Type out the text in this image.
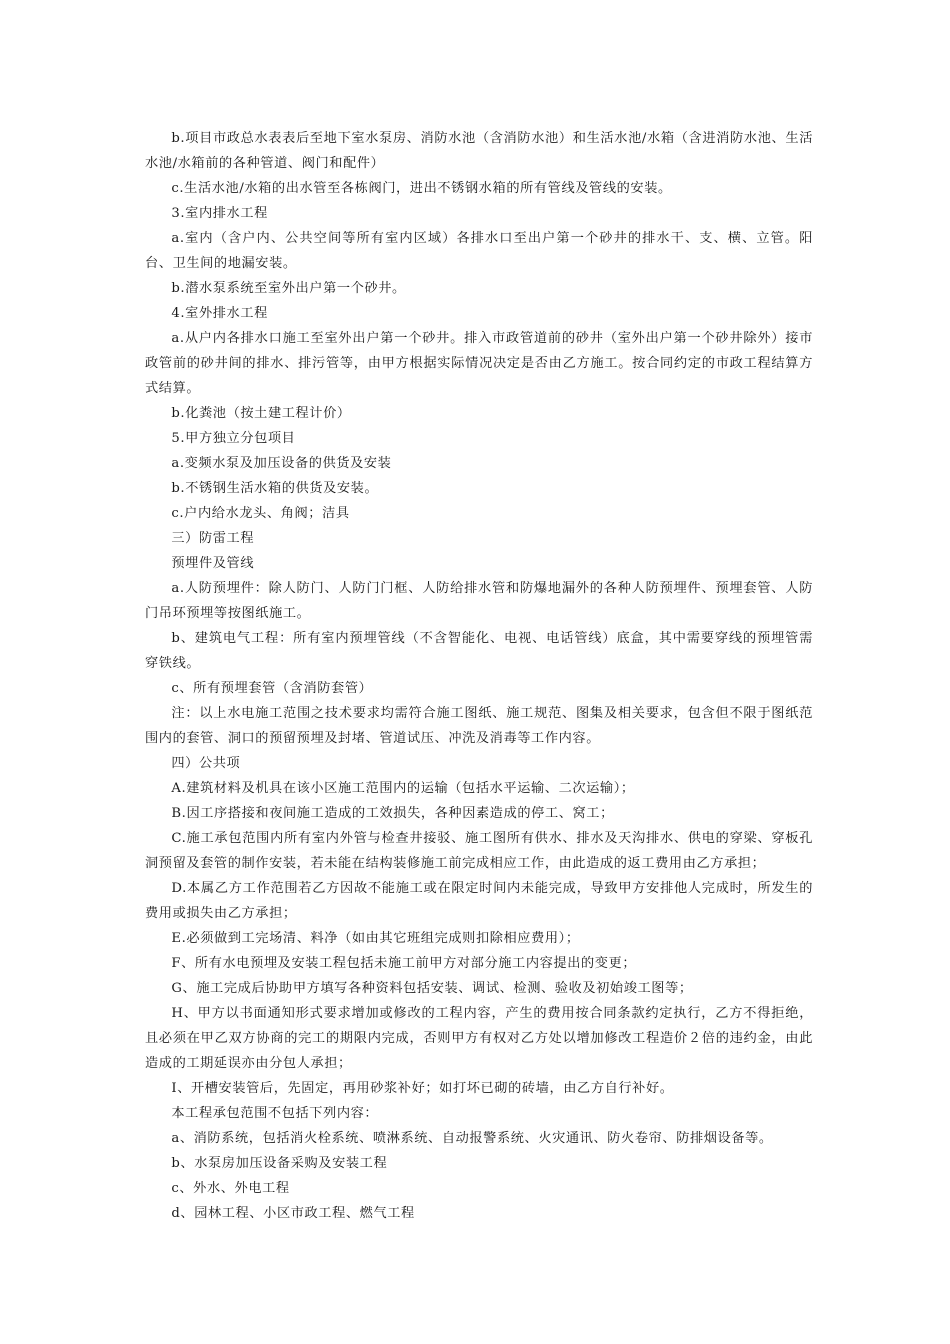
b.项目市政总水表表后至地下室水泵房、消防水池（含消防水池）和生活水池/水箱（含进消防水池、生活水池/水箱前的各种管道、阀门和配件）

c.生活水池/水箱的出水管至各栋阀门，进出不锈钢水箱的所有管线及管线的安装。

3.室内排水工程

a.室内（含户内、公共空间等所有室内区域）各排水口至出户第一个砂井的排水干、支、横、立管。阳台、卫生间的地漏安装。

b.潜水泵系统至室外出户第一个砂井。

4.室外排水工程

a.从户内各排水口施工至室外出户第一个砂井。排入市政管道前的砂井（室外出户第一个砂井除外）接市政管前的砂井间的排水、排污管等，由甲方根据实际情况决定是否由乙方施工。按合同约定的市政工程结算方式结算。

b.化粪池（按土建工程计价）

5.甲方独立分包项目

a.变频水泵及加压设备的供货及安装

b.不锈钢生活水箱的供货及安装。

c.户内给水龙头、角阀；洁具

三）防雷工程

预埋件及管线

a.人防预埋件：除人防门、人防门门框、人防给排水管和防爆地漏外的各种人防预埋件、预埋套管、人防门吊环预埋等按图纸施工。

b、建筑电气工程：所有室内预埋管线（不含智能化、电视、电话管线）底盒，其中需要穿线的预埋管需穿铁线。

c、所有预埋套管（含消防套管）

注：以上水电施工范围之技术要求均需符合施工图纸、施工规范、图集及相关要求，包含但不限于图纸范围内的套管、洞口的预留预埋及封堵、管道试压、冲洗及消毒等工作内容。

四）公共项

A.建筑材料及机具在该小区施工范围内的运输（包括水平运输、二次运输）；

B.因工序搭接和夜间施工造成的工效损失，各种因素造成的停工、窝工；

C.施工承包范围内所有室内外管与检查井接驳、施工图所有供水、排水及天沟排水、供电的穿梁、穿板孔洞预留及套管的制作安装，若未能在结构装修施工前完成相应工作，由此造成的返工费用由乙方承担；

D.本属乙方工作范围若乙方因故不能施工或在限定时间内未能完成，导致甲方安排他人完成时，所发生的费用或损失由乙方承担；

E.必须做到工完场清、料净（如由其它班组完成则扣除相应费用）；

F、所有水电预埋及安装工程包括未施工前甲方对部分施工内容提出的变更；

G、施工完成后协助甲方填写各种资料包括安装、调试、检测、验收及初始竣工图等；

H、甲方以书面通知形式要求增加或修改的工程内容，产生的费用按合同条款约定执行，乙方不得拒绝，且必须在甲乙双方协商的完工的期限内完成，否则甲方有权对乙方处以增加修改工程造价２倍的违约金，由此造成的工期延误亦由分包人承担；

I、开槽安装管后，先固定，再用砂浆补好；如打坏已砌的砖墙，由乙方自行补好。

本工程承包范围不包括下列内容：

a、消防系统，包括消火栓系统、喷淋系统、自动报警系统、火灾通讯、防火卷帘、防排烟设备等。

b、水泵房加压设备采购及安装工程

c、外水、外电工程

d、园林工程、小区市政工程、燃气工程
